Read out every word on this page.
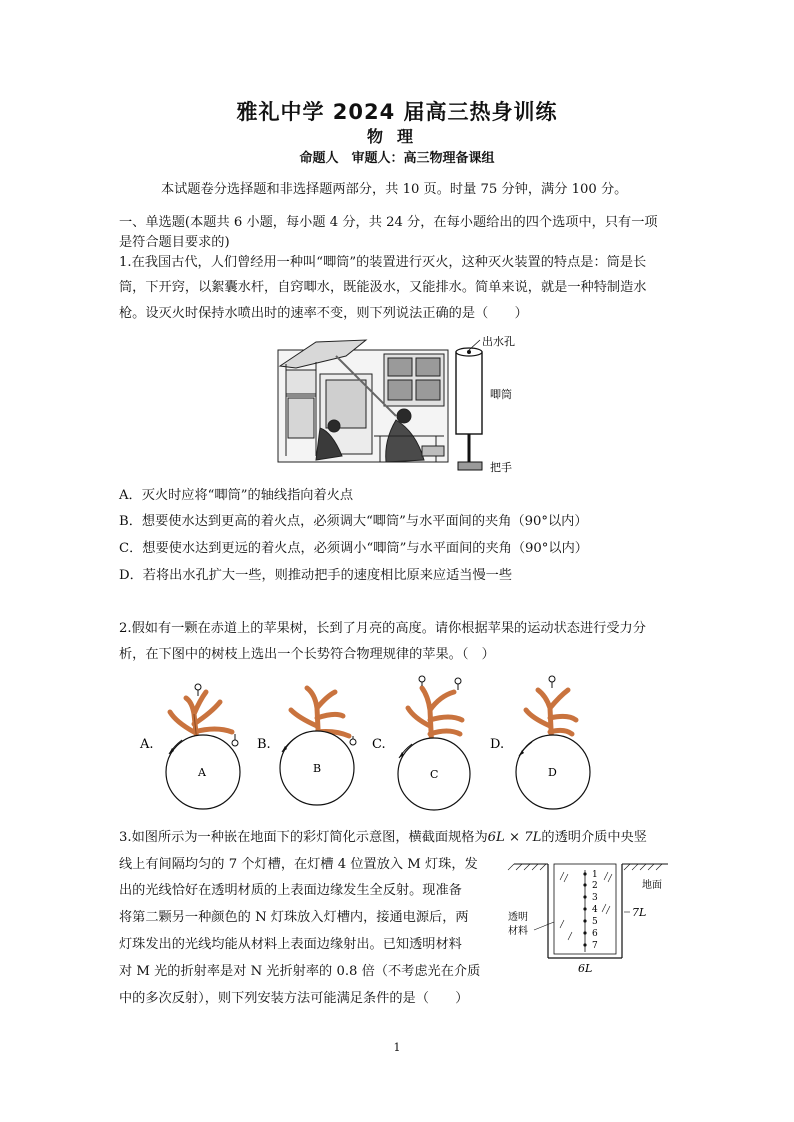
雅礼中学 2024 届高三热身训练
物理
命题人　审题人：高三物理备课组
本试题卷分选择题和非选择题两部分，共 10 页。时量 75 分钟，满分 100 分。
一、单选题(本题共 6 小题，每小题 4 分，共 24 分，在每小题给出的四个选项中，只有一项
是符合题目要求的)
1.在我国古代，人们曾经用一种叫“唧筒”的装置进行灭火，这种灭火装置的特点是：筒是长
筒，下开窍，以絮囊水杆，自窍唧水，既能汲水，又能排水。简单来说，就是一种特制造水
枪。设灭火时保持水喷出时的速率不变，则下列说法正确的是（　　）
出水孔
唧筒
把手
A．灭火时应将“唧筒”的轴线指向着火点
B．想要使水达到更高的着火点，必须调大“唧筒”与水平面间的夹角（90°以内）
C．想要使水达到更远的着火点，必须调小“唧筒”与水平面间的夹角（90°以内）
D．若将出水孔扩大一些，则推动把手的速度相比原来应适当慢一些
2.假如有一颗在赤道上的苹果树，长到了月亮的高度。请你根据苹果的运动状态进行受力分
析，在下图中的树枝上选出一个长势符合物理规律的苹果。（　）
A.
A
B.
B
C.
C
D.
D
3.如图所示为一种嵌在地面下的彩灯简化示意图，横截面规格为6L × 7L的透明介质中央竖
线上有间隔均匀的 7 个灯槽，在灯槽 4 位置放入 M 灯珠，发
出的光线恰好在透明材质的上表面边缘发生全反射。现准备
将第二颗另一种颜色的 N 灯珠放入灯槽内，接通电源后，两
灯珠发出的光线均能从材料上表面边缘射出。已知透明材料
对 M 光的折射率是对 N 光折射率的 0.8 倍（不考虑光在介质
中的多次反射），则下列安装方法可能满足条件的是（　　）
1
2
3
4
5
6
7
地面
透明
材料
7L
6L
1
